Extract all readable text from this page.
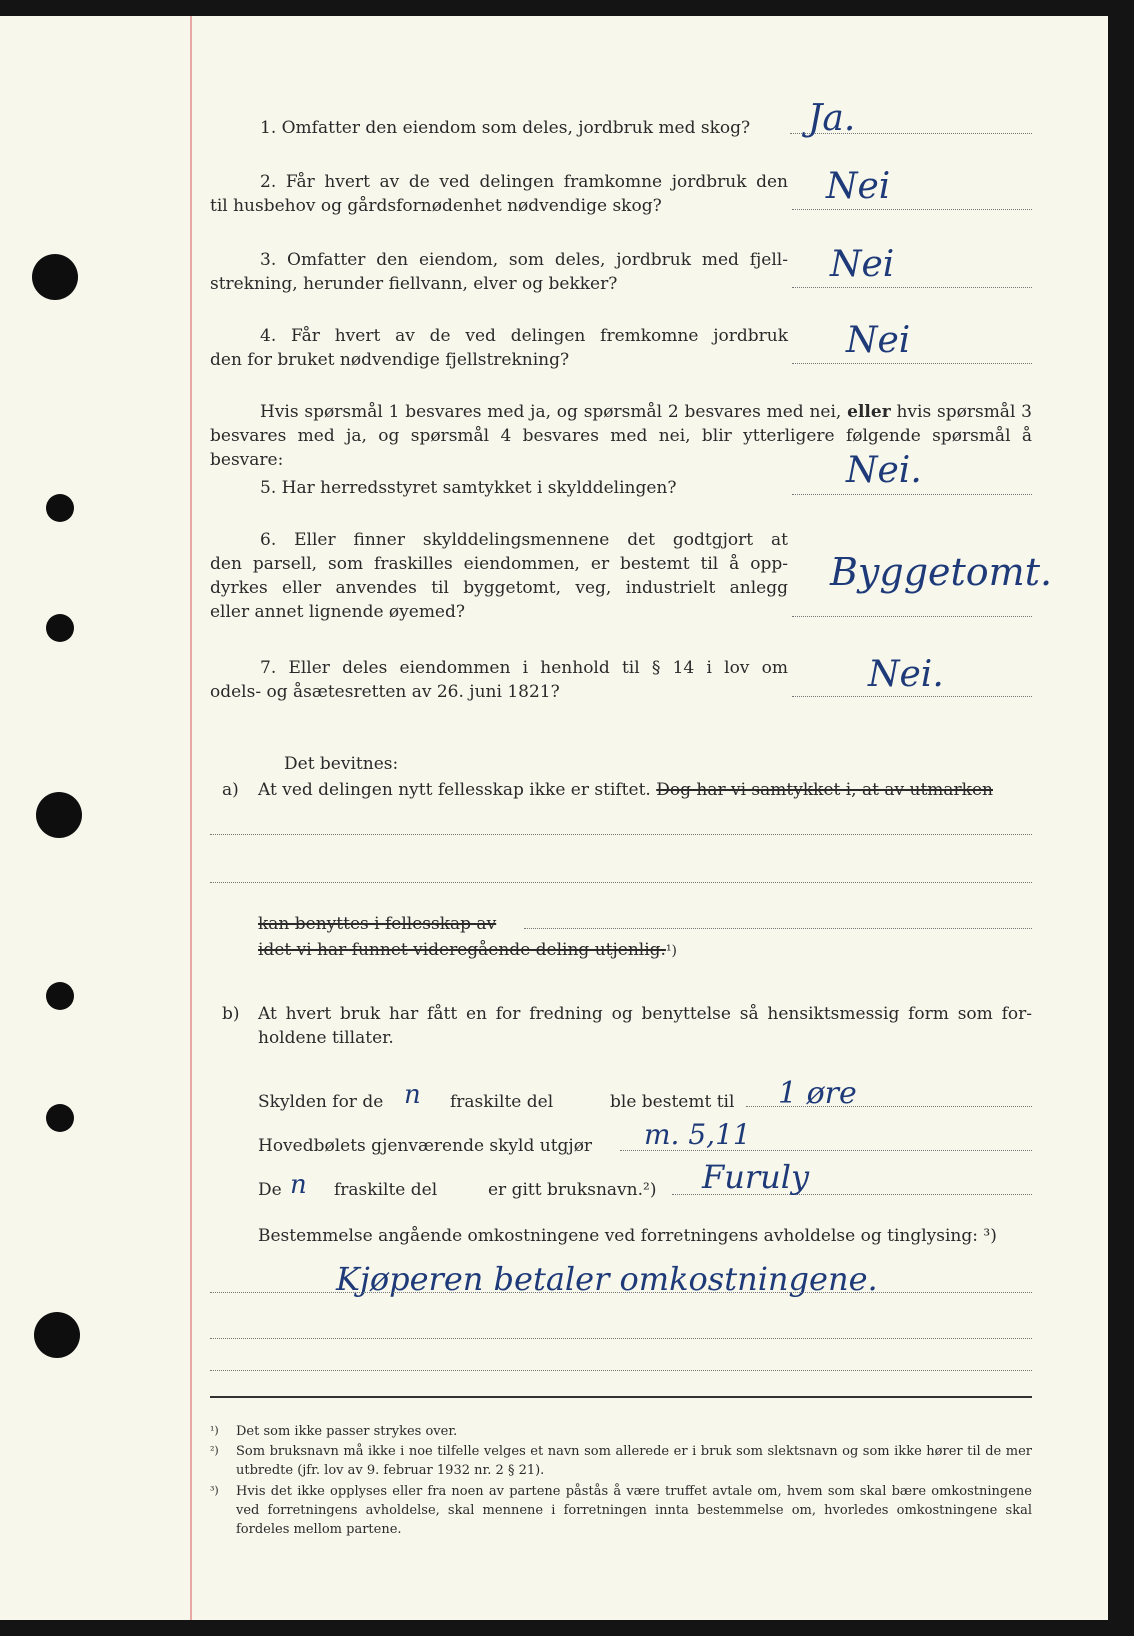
1. Omfatter den eiendom som deles, jordbruk med skog? Ja.
2. Får hvert av de ved delingen framkomne jordbruk den
til husbehov og gårdsfornødenhet nødvendige skog?	Nei
3. Omfatter den eiendom, som deles, jordbruk med fjell-
strekning, herunder fiellvann, elver og bekker?	Nei
4. Får hvert av de ved delingen fremkomne jordbruk
den for bruket nødvendige fjellstrekning?	Nei
Hvis spørsmål 1 besvares med ja, og spørsmål 2 besvares med nei, eller hvis spørsmål 3
besvares med ja, og spørsmål 4 besvares med nei, blir ytterligere følgende spørsmål å besvare:
5. Har herredsstyret samtykket i skylddelingen?	Nei.
6. Eller finner skylddelingsmennene det godtgjort at
den parsell, som fraskilles eiendommen, er bestemt til å opp-
dyrkes eller anvendes til byggetomt, veg, industrielt anlegg
eller annet lignende øyemed?
Byggetomt.
7. Eller deles eiendommen i henhold til § 14 i lov om
odels- og åsætesretten av 26. juni 1821?	Nei.
Det bevitnes:
a) At ved delingen nytt fellesskap ikke er stiftet. Dog har vi samtykket i, at av utmarken
kan benyttes i fellesskap av
idet vi har funnet videregående deling utjenlig.¹)
b) At hvert bruk har fått en for fredning og benyttelse så hensiktsmessig form som for-
holdene tillater.
Skylden for de n fraskilte del	ble bestemt til 1 øre
Hovedbølets gjenværende skyld utgjør m. 5,11
De n fraskilte del	er gitt bruksnavn.²) Furuly
Bestemmelse angående omkostningene ved forretningens avholdelse og tinglysing: ³)
Kjøperen betaler omkostningene.
¹) Det som ikke passer strykes over.
²) Som bruksnavn må ikke i noe tilfelle velges et navn som allerede er i bruk som slektsnavn og som ikke hører til de mer utbredte (jfr. lov av 9. februar 1932 nr. 2 § 21).
³) Hvis det ikke opplyses eller fra noen av partene påstås å være truffet avtale om, hvem som skal bære omkostningene ved forretningens avholdelse, skal mennene i forretningen innta bestemmelse om, hvorledes omkostningene skal fordeles mellom partene.
